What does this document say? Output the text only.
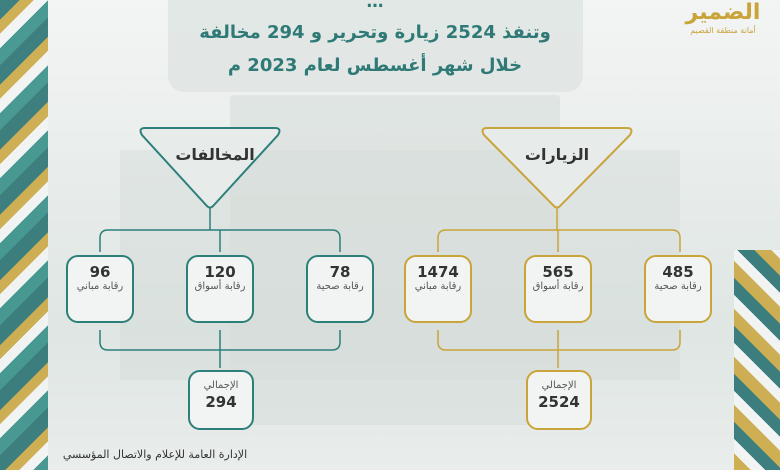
…
وتنفذ 2524 زيارة وتحرير و 294 مخالفة
خلال شهر أغسطس لعام 2023 م
الضمير
أمانة منطقة القصيم
المخالفات	الزيارات
96
رقابة مباني
120
رقابة أسواق
78
رقابة صحية
1474
رقابة مباني
565
رقابة أسواق
485
رقابة صحية
الإجمالي
294
الإجمالي
2524
الإدارة العامة للإعلام والاتصال المؤسسي
